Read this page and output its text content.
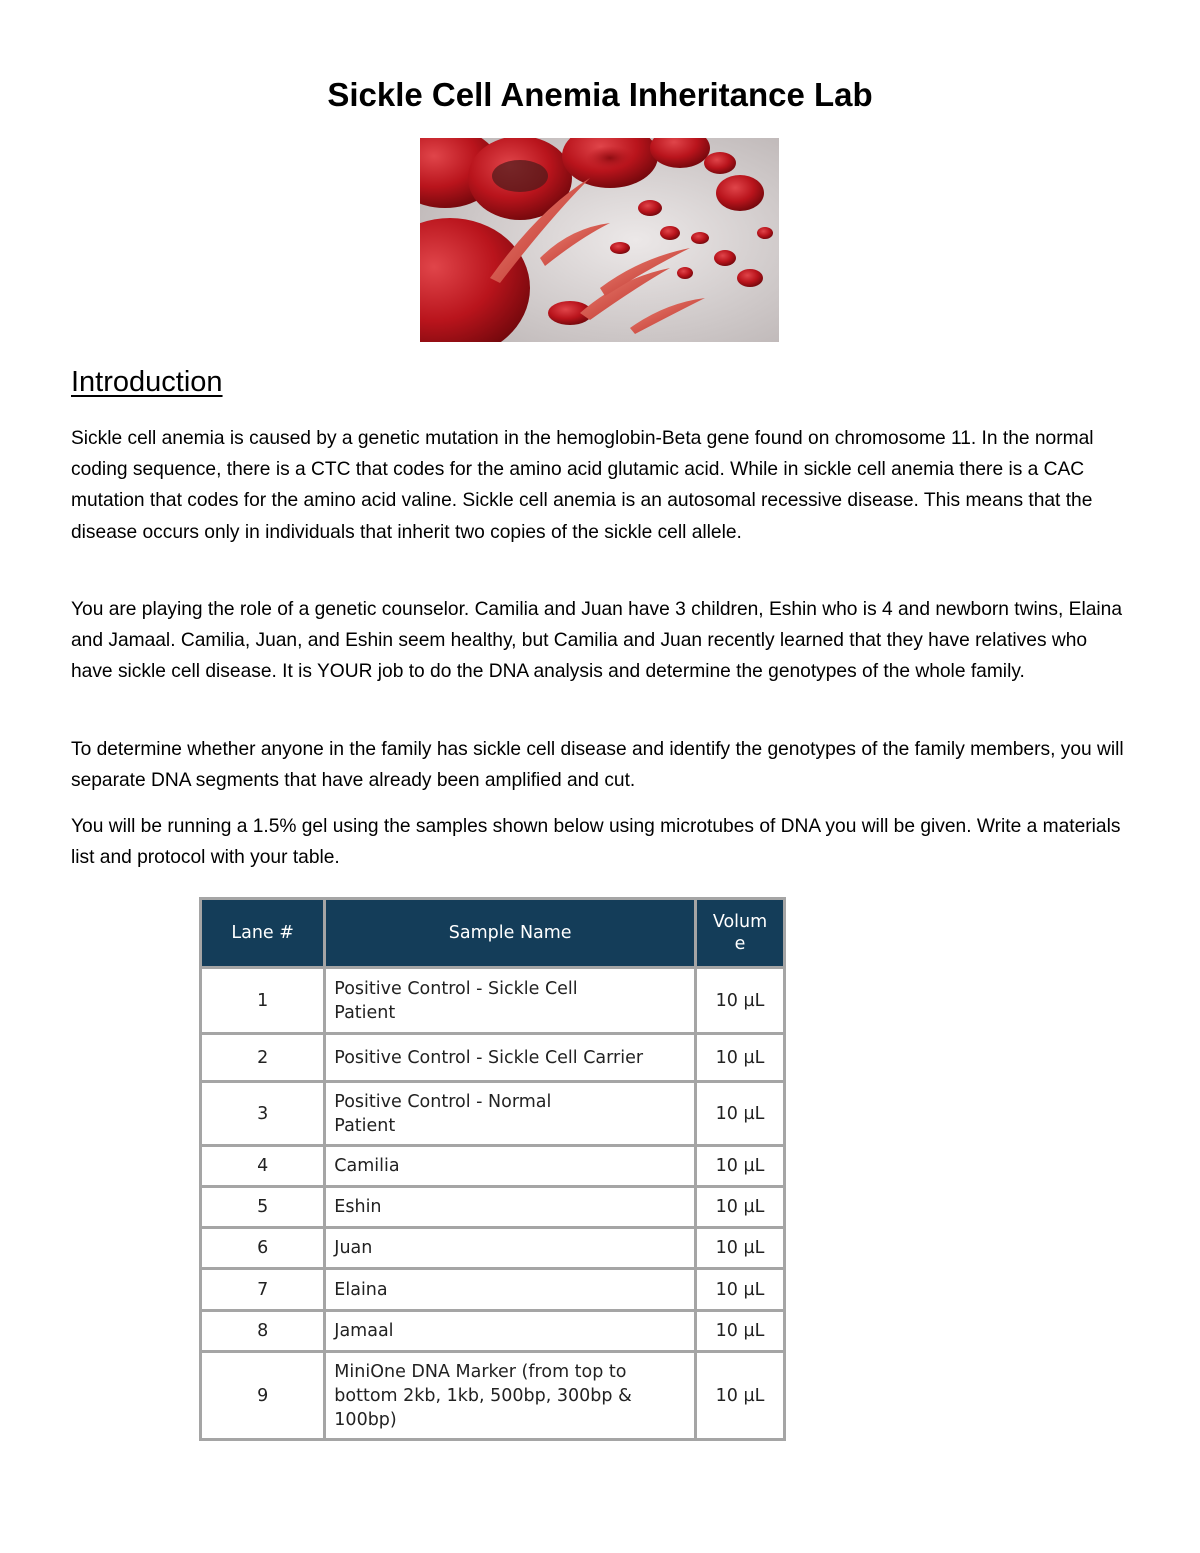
Sickle Cell Anemia Inheritance Lab
Introduction

Sickle cell anemia is caused by a genetic mutation in the hemoglobin-Beta gene found on chromosome 11. In the normal coding sequence, there is a CTC that codes for the amino acid glutamic acid. While in sickle cell anemia there is a CAC mutation that codes for the amino acid valine. Sickle cell anemia is an autosomal recessive disease. This means that the disease occurs only in individuals that inherit two copies of the sickle cell allele.

You are playing the role of a genetic counselor. Camilia and Juan have 3 children, Eshin who is 4 and newborn twins, Elaina and Jamaal. Camilia, Juan, and Eshin seem healthy, but Camilia and Juan recently learned that they have relatives who have sickle cell disease. It is YOUR job to do the DNA analysis and determine the genotypes of the whole family.

To determine whether anyone in the family has sickle cell disease and identify the genotypes of the family members, you will separate DNA segments that have already been amplified and cut.

You will be running a 1.5% gel using the samples shown below using microtubes of DNA you will be given. Write a materials list and protocol with your table.

Lane #	Sample Name	Volume
1	Positive Control - Sickle Cell Patient	10 µL
2	Positive Control - Sickle Cell Carrier	10 µL
3	Positive Control - Normal Patient	10 µL
4	Camilia	10 µL
5	Eshin	10 µL
6	Juan	10 µL
7	Elaina	10 µL
8	Jamaal	10 µL
9	MiniOne DNA Marker (from top to bottom 2kb, 1kb, 500bp, 300bp & 100bp)	10 µL
